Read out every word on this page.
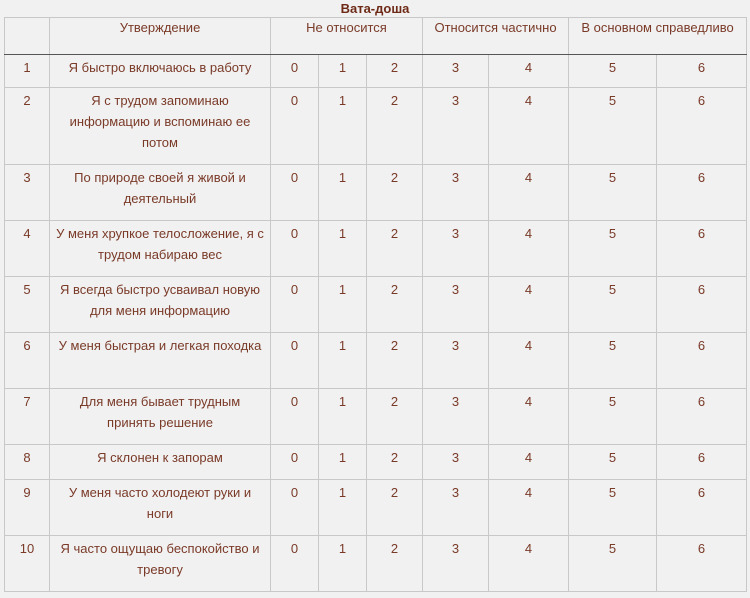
Вата-доша
	Утверждение	Не относится			Относится частично		В основном справедливо	
1	Я быстро включаюсь в работу	0	1	2	3	4	5	6
2	Я с трудом запоминаю информацию и вспоминаю ее потом	0	1	2	3	4	5	6
3	По природе своей я живой и деятельный	0	1	2	3	4	5	6
4	У меня хрупкое телосложение, я с трудом набираю вес	0	1	2	3	4	5	6
5	Я всегда быстро усваивал новую для меня информацию	0	1	2	3	4	5	6
6	У меня быстрая и легкая походка	0	1	2	3	4	5	6
7	Для меня бывает трудным принять решение	0	1	2	3	4	5	6
8	Я склонен к запорам	0	1	2	3	4	5	6
9	У меня часто холодеют руки и ноги	0	1	2	3	4	5	6
10	Я часто ощущаю беспокойство и тревогу	0	1	2	3	4	5	6
